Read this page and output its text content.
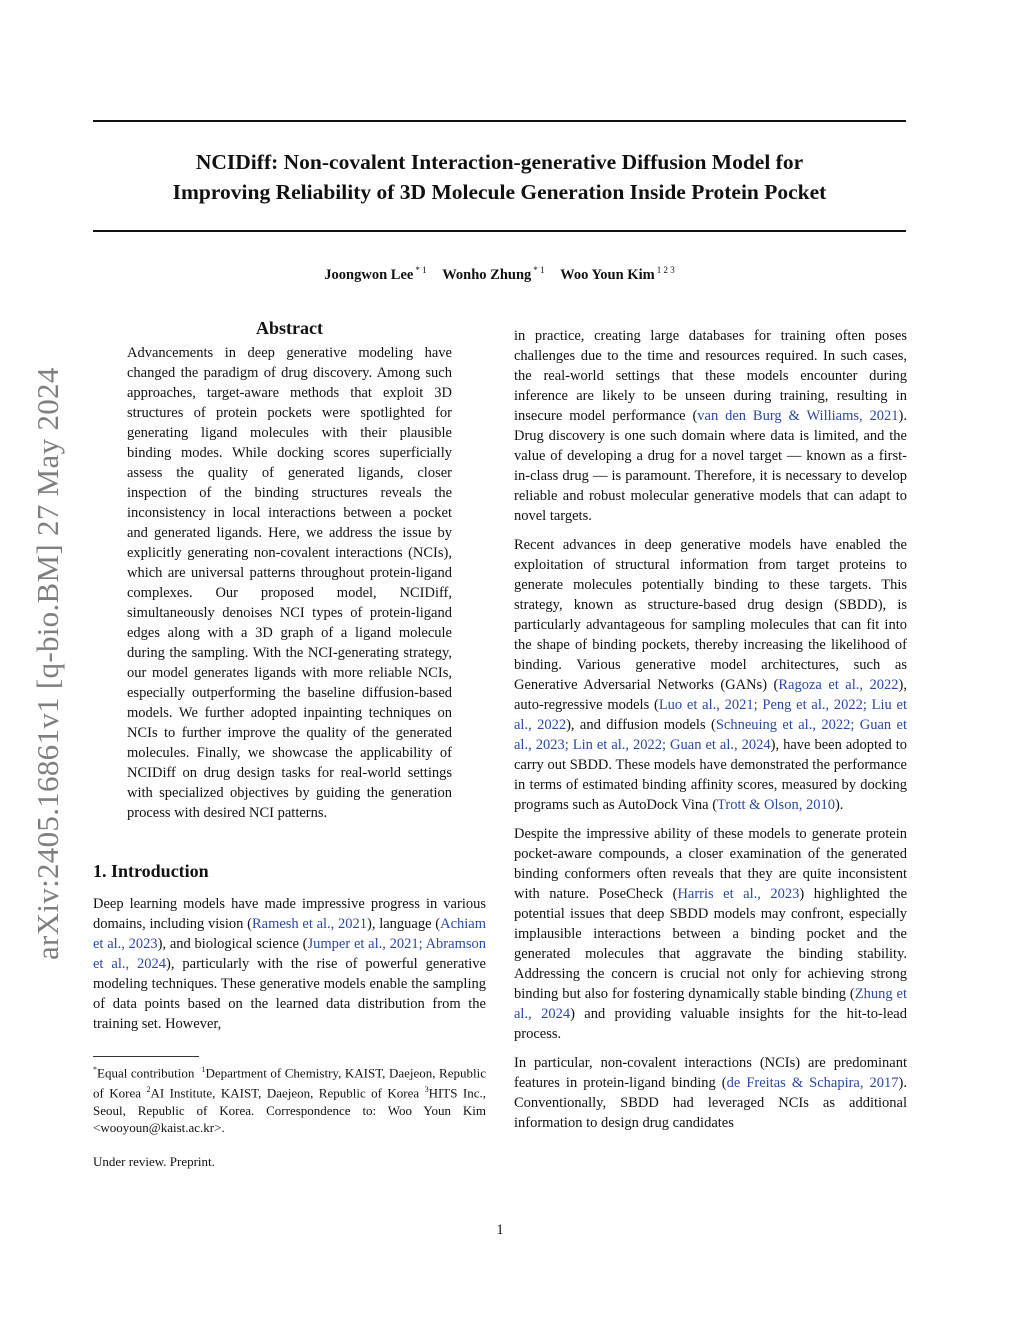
arXiv:2405.16861v1 [q-bio.BM] 27 May 2024
NCIDiff: Non-covalent Interaction-generative Diffusion Model for
Improving Reliability of 3D Molecule Generation Inside Protein Pocket
Joongwon Lee $^{* 1}$ Wonho Zhung $^{* 1}$ Woo Youn Kim $^{1 2 3}$
Abstract

Advancements in deep generative modeling have changed the paradigm of drug discovery. Among such approaches, target-aware methods that exploit 3D structures of protein pockets were spotlighted for generating ligand molecules with their plausible binding modes. While docking scores superficially assess the quality of generated ligands, closer inspection of the binding structures reveals the inconsistency in local interactions between a pocket and generated ligands. Here, we address the issue by explicitly generating non-covalent interactions (NCIs), which are universal patterns throughout protein-ligand complexes. Our proposed model, NCIDiff, simultaneously denoises NCI types of protein-ligand edges along with a 3D graph of a ligand molecule during the sampling. With the NCI-generating strategy, our model generates ligands with more reliable NCIs, especially outperforming the baseline diffusion-based models. We further adopted inpainting techniques on NCIs to further improve the quality of the generated molecules. Finally, we showcase the applicability of NCIDiff on drug design tasks for real-world settings with specialized objectives by guiding the generation process with desired NCI patterns.

1. Introduction

Deep learning models have made impressive progress in various domains, including vision (Ramesh et al., 2021), language (Achiam et al., 2023), and biological science (Jumper et al., 2021; Abramson et al., 2024), particularly with the rise of powerful generative modeling techniques. These generative models enable the sampling of data points based on the learned data distribution from the training set. However,

*Equal contribution $^1$Department of Chemistry, KAIST, Daejeon, Republic of Korea $^2$AI Institute, KAIST, Daejeon, Republic of Korea $^3$HITS Inc., Seoul, Republic of Korea. Correspondence to: Woo Youn Kim <wooyoun@kaist.ac.kr>.

Under review. Preprint.

in practice, creating large databases for training often poses challenges due to the time and resources required. In such cases, the real-world settings that these models encounter during inference are likely to be unseen during training, resulting in insecure model performance (van den Burg & Williams, 2021). Drug discovery is one such domain where data is limited, and the value of developing a drug for a novel target — known as a first-in-class drug — is paramount. Therefore, it is necessary to develop reliable and robust molecular generative models that can adapt to novel targets.

Recent advances in deep generative models have enabled the exploitation of structural information from target proteins to generate molecules potentially binding to these targets. This strategy, known as structure-based drug design (SBDD), is particularly advantageous for sampling molecules that can fit into the shape of binding pockets, thereby increasing the likelihood of binding. Various generative model architectures, such as Generative Adversarial Networks (GANs) (Ragoza et al., 2022), auto-regressive models (Luo et al., 2021; Peng et al., 2022; Liu et al., 2022), and diffusion models (Schneuing et al., 2022; Guan et al., 2023; Lin et al., 2022; Guan et al., 2024), have been adopted to carry out SBDD. These models have demonstrated the performance in terms of estimated binding affinity scores, measured by docking programs such as AutoDock Vina (Trott & Olson, 2010).

Despite the impressive ability of these models to generate protein pocket-aware compounds, a closer examination of the generated binding conformers often reveals that they are quite inconsistent with nature. PoseCheck (Harris et al., 2023) highlighted the potential issues that deep SBDD models may confront, especially implausible interactions between a binding pocket and the generated molecules that aggravate the binding stability. Addressing the concern is crucial not only for achieving strong binding but also for fostering dynamically stable binding (Zhung et al., 2024) and providing valuable insights for the hit-to-lead process.

In particular, non-covalent interactions (NCIs) are predominant features in protein-ligand binding (de Freitas & Schapira, 2017). Conventionally, SBDD had leveraged NCIs as additional information to design drug candidates

1
